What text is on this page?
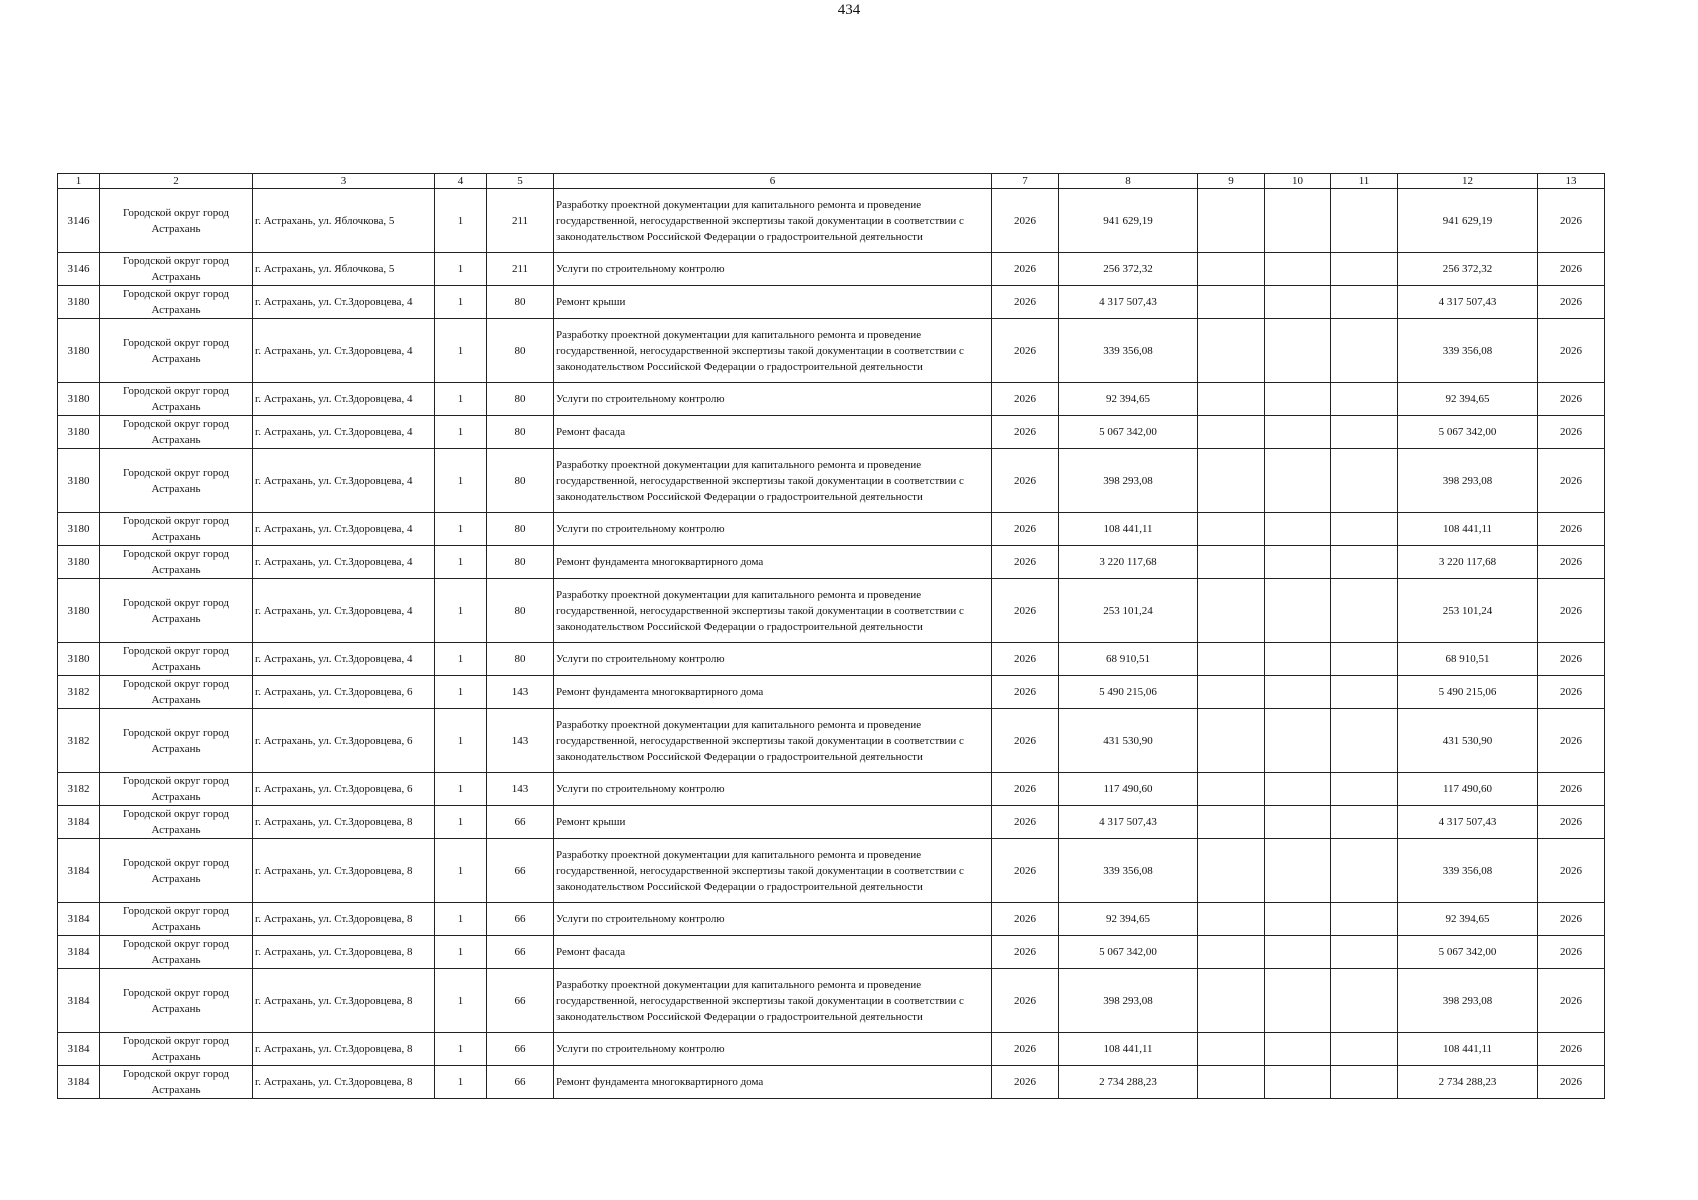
434
1	2	3	4	5	6	7	8	9	10	11	12	13
3146	Городской округ город Астрахань	г. Астрахань, ул. Яблочкова, 5	1	211	Разработку проектной документации для капитального ремонта и проведение государственной, негосударственной экспертизы такой документации в соответствии с законодательством Российской Федерации о градостроительной деятельности	2026	941 629,19				941 629,19	2026
3146	Городской округ город Астрахань	г. Астрахань, ул. Яблочкова, 5	1	211	Услуги по строительному контролю	2026	256 372,32				256 372,32	2026
3180	Городской округ город Астрахань	г. Астрахань, ул. Ст.Здоровцева, 4	1	80	Ремонт крыши	2026	4 317 507,43				4 317 507,43	2026
3180	Городской округ город Астрахань	г. Астрахань, ул. Ст.Здоровцева, 4	1	80	Разработку проектной документации для капитального ремонта и проведение государственной, негосударственной экспертизы такой документации в соответствии с законодательством Российской Федерации о градостроительной деятельности	2026	339 356,08				339 356,08	2026
3180	Городской округ город Астрахань	г. Астрахань, ул. Ст.Здоровцева, 4	1	80	Услуги по строительному контролю	2026	92 394,65				92 394,65	2026
3180	Городской округ город Астрахань	г. Астрахань, ул. Ст.Здоровцева, 4	1	80	Ремонт фасада	2026	5 067 342,00				5 067 342,00	2026
3180	Городской округ город Астрахань	г. Астрахань, ул. Ст.Здоровцева, 4	1	80	Разработку проектной документации для капитального ремонта и проведение государственной, негосударственной экспертизы такой документации в соответствии с законодательством Российской Федерации о градостроительной деятельности	2026	398 293,08				398 293,08	2026
3180	Городской округ город Астрахань	г. Астрахань, ул. Ст.Здоровцева, 4	1	80	Услуги по строительному контролю	2026	108 441,11				108 441,11	2026
3180	Городской округ город Астрахань	г. Астрахань, ул. Ст.Здоровцева, 4	1	80	Ремонт фундамента многоквартирного дома	2026	3 220 117,68				3 220 117,68	2026
3180	Городской округ город Астрахань	г. Астрахань, ул. Ст.Здоровцева, 4	1	80	Разработку проектной документации для капитального ремонта и проведение государственной, негосударственной экспертизы такой документации в соответствии с законодательством Российской Федерации о градостроительной деятельности	2026	253 101,24				253 101,24	2026
3180	Городской округ город Астрахань	г. Астрахань, ул. Ст.Здоровцева, 4	1	80	Услуги по строительному контролю	2026	68 910,51				68 910,51	2026
3182	Городской округ город Астрахань	г. Астрахань, ул. Ст.Здоровцева, 6	1	143	Ремонт фундамента многоквартирного дома	2026	5 490 215,06				5 490 215,06	2026
3182	Городской округ город Астрахань	г. Астрахань, ул. Ст.Здоровцева, 6	1	143	Разработку проектной документации для капитального ремонта и проведение государственной, негосударственной экспертизы такой документации в соответствии с законодательством Российской Федерации о градостроительной деятельности	2026	431 530,90				431 530,90	2026
3182	Городской округ город Астрахань	г. Астрахань, ул. Ст.Здоровцева, 6	1	143	Услуги по строительному контролю	2026	117 490,60				117 490,60	2026
3184	Городской округ город Астрахань	г. Астрахань, ул. Ст.Здоровцева, 8	1	66	Ремонт крыши	2026	4 317 507,43				4 317 507,43	2026
3184	Городской округ город Астрахань	г. Астрахань, ул. Ст.Здоровцева, 8	1	66	Разработку проектной документации для капитального ремонта и проведение государственной, негосударственной экспертизы такой документации в соответствии с законодательством Российской Федерации о градостроительной деятельности	2026	339 356,08				339 356,08	2026
3184	Городской округ город Астрахань	г. Астрахань, ул. Ст.Здоровцева, 8	1	66	Услуги по строительному контролю	2026	92 394,65				92 394,65	2026
3184	Городской округ город Астрахань	г. Астрахань, ул. Ст.Здоровцева, 8	1	66	Ремонт фасада	2026	5 067 342,00				5 067 342,00	2026
3184	Городской округ город Астрахань	г. Астрахань, ул. Ст.Здоровцева, 8	1	66	Разработку проектной документации для капитального ремонта и проведение государственной, негосударственной экспертизы такой документации в соответствии с законодательством Российской Федерации о градостроительной деятельности	2026	398 293,08				398 293,08	2026
3184	Городской округ город Астрахань	г. Астрахань, ул. Ст.Здоровцева, 8	1	66	Услуги по строительному контролю	2026	108 441,11				108 441,11	2026
3184	Городской округ город Астрахань	г. Астрахань, ул. Ст.Здоровцева, 8	1	66	Ремонт фундамента многоквартирного дома	2026	2 734 288,23				2 734 288,23	2026
